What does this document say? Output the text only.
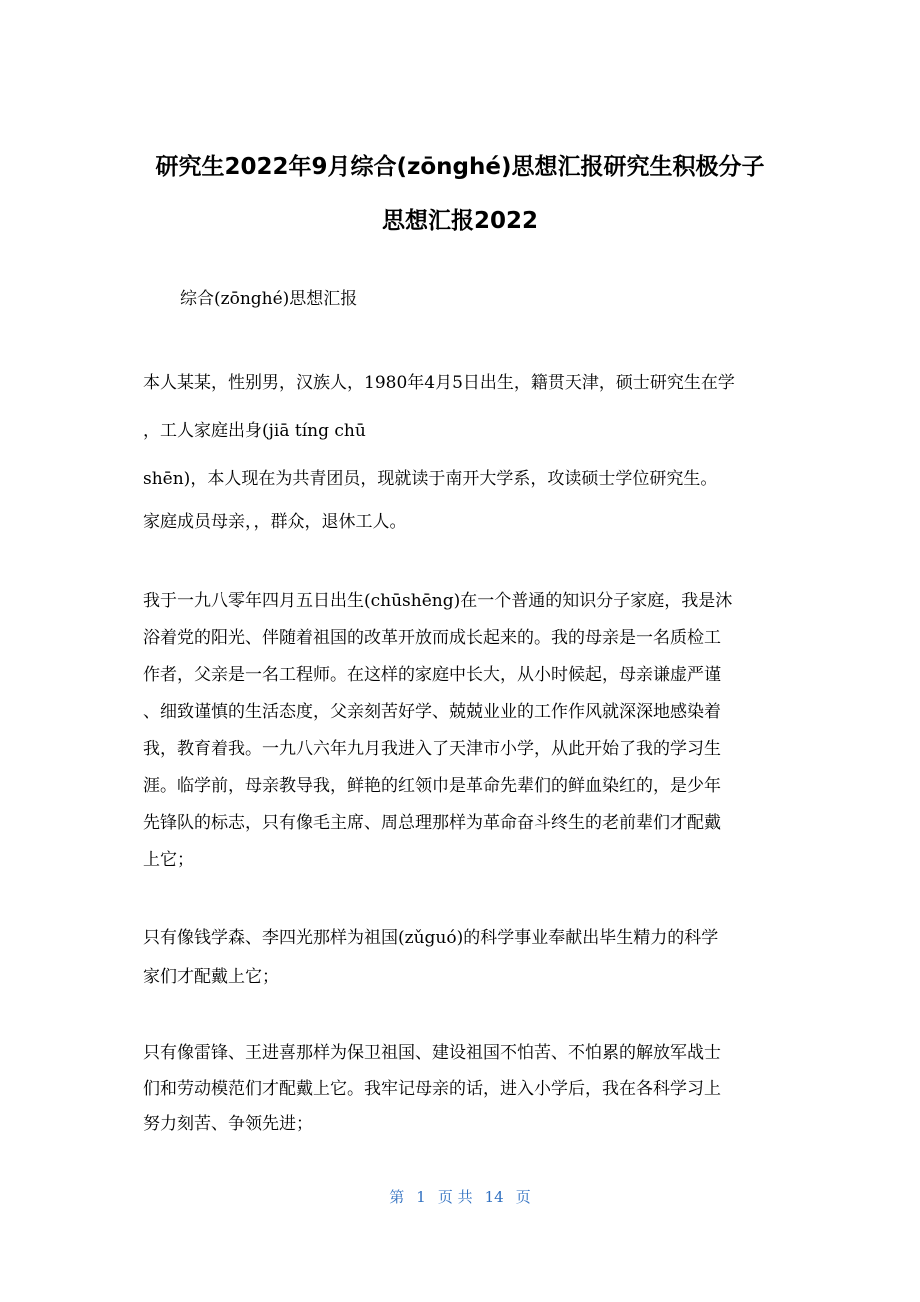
研究生2022年9月综合(zōnghé)思想汇报研究生积极分子
思想汇报2022
综合(zōnghé)思想汇报
本人某某，性别男，汉族人，1980年4月5日出生，籍贯天津，硕士研究生在学
，工人家庭出身(jiā tíng chū
shēn)，本人现在为共青团员，现就读于南开大学系，攻读硕士学位研究生。
家庭成员母亲，，群众，退休工人。
我于一九八零年四月五日出生(chūshēng)在一个普通的知识分子家庭，我是沐
浴着党的阳光、伴随着祖国的改革开放而成长起来的。我的母亲是一名质检工
作者，父亲是一名工程师。在这样的家庭中长大，从小时候起，母亲谦虚严谨
、细致谨慎的生活态度，父亲刻苦好学、兢兢业业的工作作风就深深地感染着
我，教育着我。一九八六年九月我进入了天津市小学，从此开始了我的学习生
涯。临学前，母亲教导我，鲜艳的红领巾是革命先辈们的鲜血染红的，是少年
先锋队的标志，只有像毛主席、周总理那样为革命奋斗终生的老前辈们才配戴
上它；
只有像钱学森、李四光那样为祖国(zǔguó)的科学事业奉献出毕生精力的科学
家们才配戴上它；
只有像雷锋、王进喜那样为保卫祖国、建设祖国不怕苦、不怕累的解放军战士
们和劳动模范们才配戴上它。我牢记母亲的话，进入小学后，我在各科学习上
努力刻苦、争领先进；
第 1 页 共 14 页
